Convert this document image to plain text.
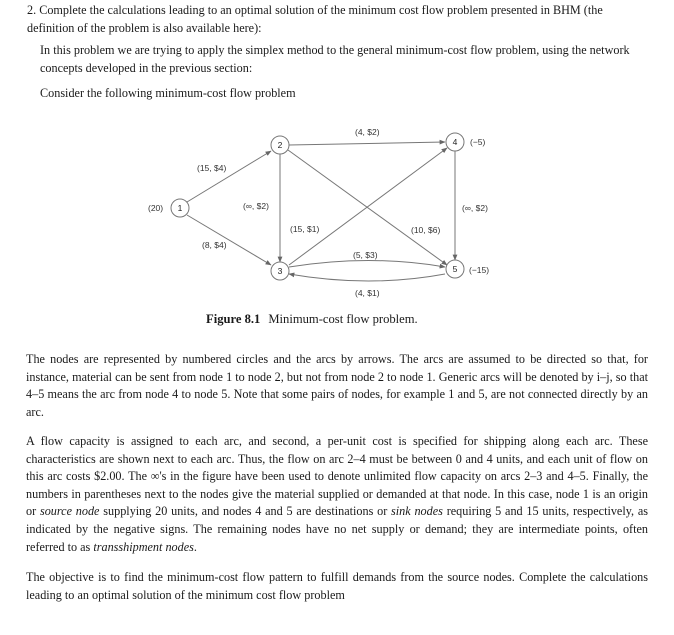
2. Complete the calculations leading to an optimal solution of the minimum cost flow problem presented in BHM (the definition of the problem is also available here):

In this problem we are trying to apply the simplex method to the general minimum-cost flow problem, using the network concepts developed in the previous section:

Consider the following minimum-cost flow problem

(15, $4)
(8, $4)
(∞, $2)
(4, $2)
(10, $6)
(15, $1)
(5, $3)
(4, $1)
(∞, $2)
1
(20)
2
3
4 (−5)
5 (−15)
Figure 8.1 Minimum-cost flow problem.

The nodes are represented by numbered circles and the arcs by arrows. The arcs are assumed to be directed so that, for instance, material can be sent from node 1 to node 2, but not from node 2 to node 1. Generic arcs will be denoted by i–j, so that 4–5 means the arc from node 4 to node 5. Note that some pairs of nodes, for example 1 and 5, are not connected directly by an arc.

A flow capacity is assigned to each arc, and second, a per-unit cost is specified for shipping along each arc. These characteristics are shown next to each arc. Thus, the flow on arc 2–4 must be between 0 and 4 units, and each unit of flow on this arc costs $2.00. The ∞'s in the figure have been used to denote unlimited flow capacity on arcs 2–3 and 4–5. Finally, the numbers in parentheses next to the nodes give the material supplied or demanded at that node. In this case, node 1 is an origin or source node supplying 20 units, and nodes 4 and 5 are destinations or sink nodes requiring 5 and 15 units, respectively, as indicated by the negative signs. The remaining nodes have no net supply or demand; they are intermediate points, often referred to as transshipment nodes.

The objective is to find the minimum-cost flow pattern to fulfill demands from the source nodes. Complete the calculations leading to an optimal solution of the minimum cost flow problem
